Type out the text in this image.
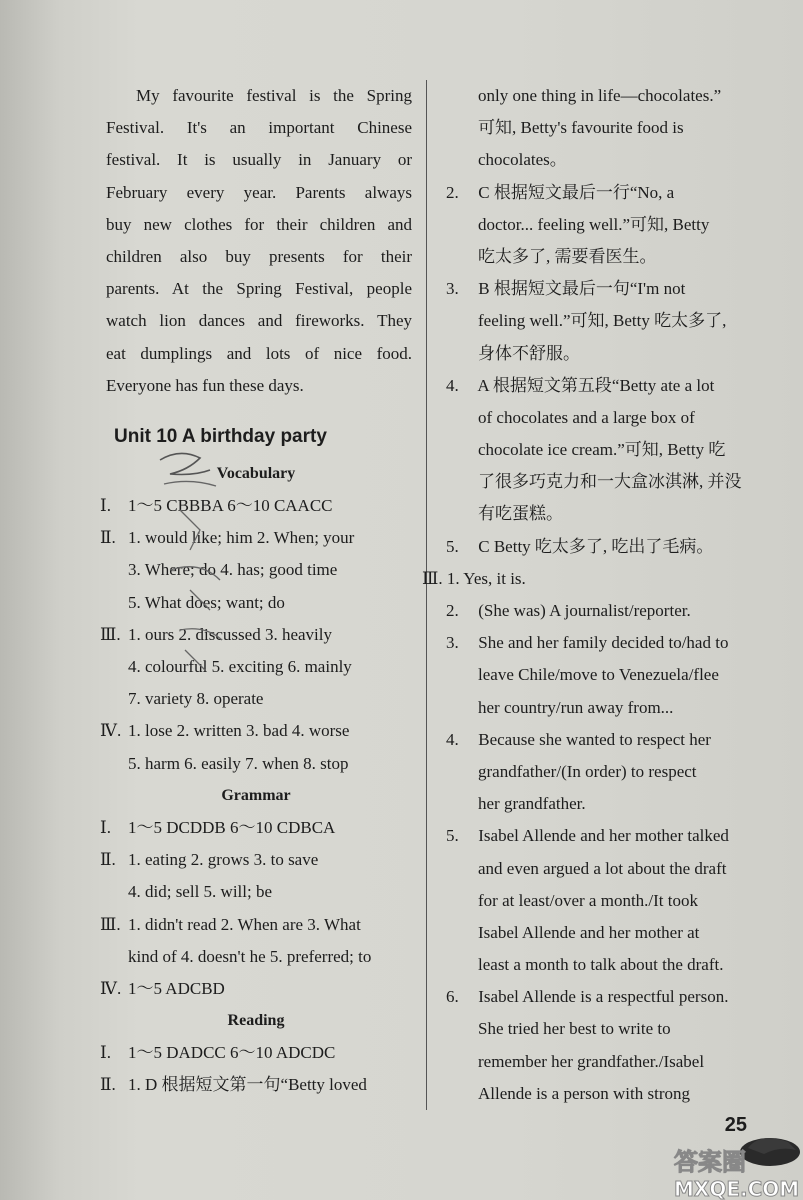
My favourite festival is the Spring
Festival. It's an important Chinese
festival. It is usually in January or
February every year. Parents always
buy new clothes for their children and
children also buy presents for their
parents. At the Spring Festival, people
watch lion dances and fireworks. They
eat dumplings and lots of nice food.
Everyone has fun these days.
Unit 10 A birthday party
Vocabulary
Ⅰ.	1～5 CBBBA 6～10 CAACC
Ⅱ. 1. would like; him 2. When; your
3. Where; do 4. has; good time
5. What does; want; do
Ⅲ. 1. ours 2. discussed 3. heavily
4. colourful 5. exciting 6. mainly
7. variety 8. operate
Ⅳ. 1. lose 2. written 3. bad 4. worse
5. harm 6. easily 7. when 8. stop
Grammar
Ⅰ.	1～5 DCDDB 6～10 CDBCA
Ⅱ. 1. eating 2. grows 3. to save
4. did; sell 5. will; be
Ⅲ. 1. didn't read 2. When are 3. What
kind of 4. doesn't he 5. preferred; to
Ⅳ. 1～5 ADCBD
Reading
Ⅰ.	1～5 DADCC 6～10 ADCDC
Ⅱ. 1. D 根据短文第一句“Betty loved
only one thing in life—chocolates.”
可知, Betty's favourite food is
chocolates。
2. C 根据短文最后一行“No, a
doctor... feeling well.”可知, Betty
吃太多了, 需要看医生。
3. B 根据短文最后一句“I'm not
feeling well.”可知, Betty 吃太多了,
身体不舒服。
4. A 根据短文第五段“Betty ate a lot
of chocolates and a large box of
chocolate ice cream.”可知, Betty 吃
了很多巧克力和一大盒冰淇淋, 并没
有吃蛋糕。
5. C Betty 吃太多了, 吃出了毛病。
Ⅲ. 1. Yes, it is.
2. (She was) A journalist/reporter.
3. She and her family decided to/had to
leave Chile/move to Venezuela/flee
her country/run away from...
4. Because she wanted to respect her
grandfather/(In order) to respect
her grandfather.
5. Isabel Allende and her mother talked
and even argued a lot about the draft
for at least/over a month./It took
Isabel Allende and her mother at
least a month to talk about the draft.
6. Isabel Allende is a respectful person.
She tried her best to write to
remember her grandfather./Isabel
Allende is a person with strong
25
答案圈
MXQE.COM
